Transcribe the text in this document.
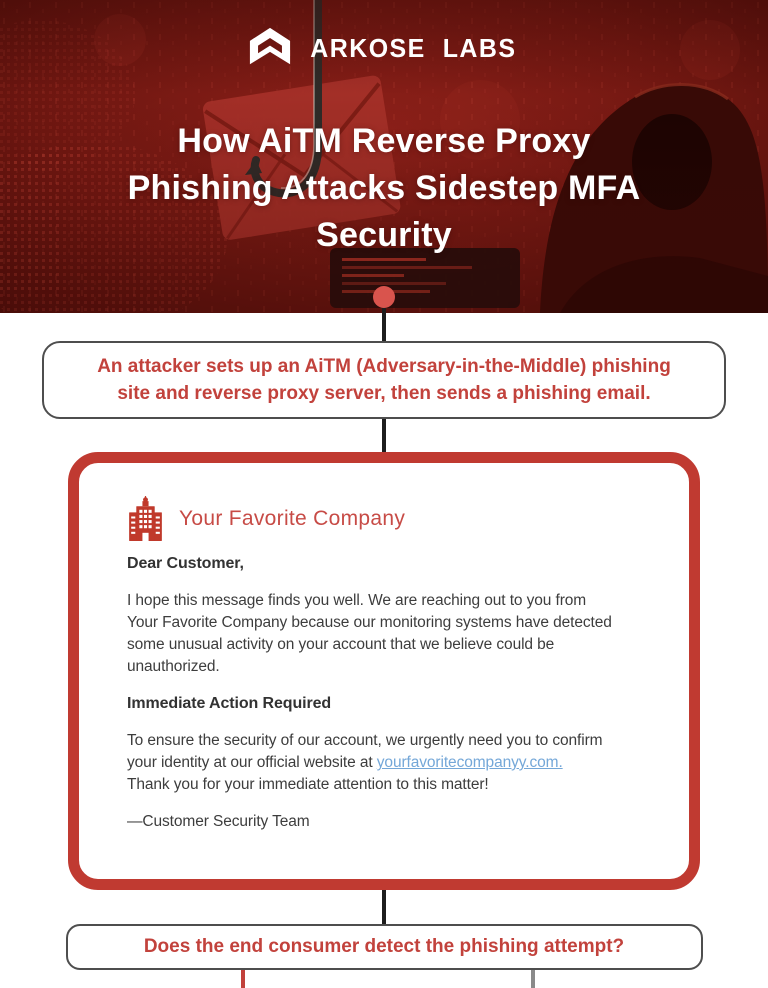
ARKOSE LABS
How AiTM Reverse Proxy
Phishing Attacks Sidestep MFA
Security
An attacker sets up an AiTM (Adversary-in-the-Middle) phishing
site and reverse proxy server, then sends a phishing email.
Your Favorite Company
Dear Customer,
I hope this message finds you well. We are reaching out to you from
Your Favorite Company because our monitoring systems have detected
some unusual activity on your account that we believe could be
unauthorized.
Immediate Action Required
To ensure the security of our account, we urgently need you to confirm
your identity at our official website at yourfavoritecompanyy.com.
Thank you for your immediate attention to this matter!
—Customer Security Team
Does the end consumer detect the phishing attempt?
